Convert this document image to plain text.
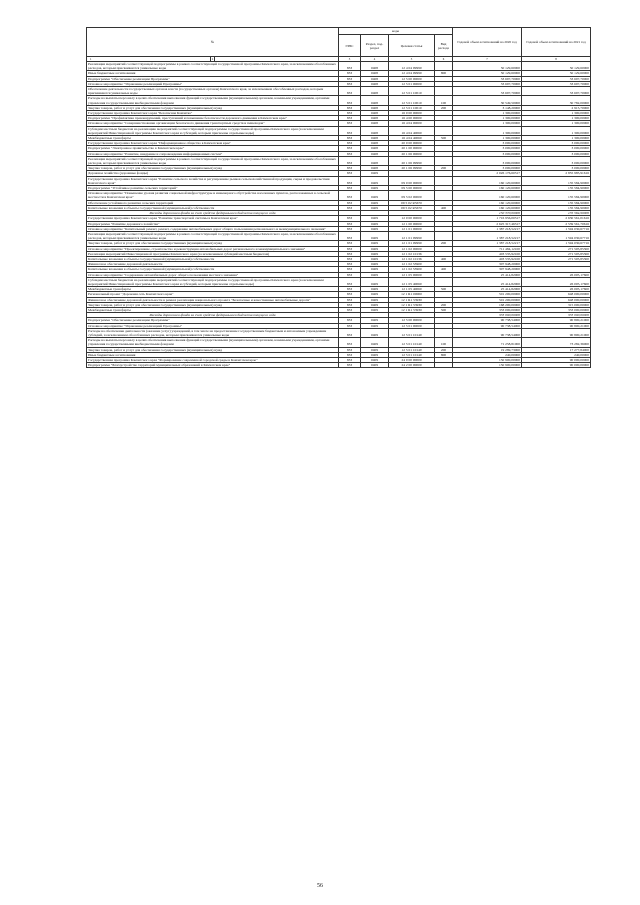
№	коды				Годовой объем ассигнований на 2020 год	Годовой объем ассигнований на 2021 год
	ГРБС	Раздел, под-раздел	Целевая статья	Вид расхода		

1 2	3	4	5	6	7	8
Реализация мероприятий соответствующей подпрограммы в рамках соответствующей государственной программы Камчатского края, за исключением обособленных расходов, которым присваиваются уникальные коды	833	0408	12 4 04 09990		50 129,60000	50 129,60000
Иные бюджетные ассигнования	833	0408	12 4 04 09990	800	50 129,60000	50 129,60000
Подпрограмма "Обеспечение реализации Программы"	833	0408	12 5 00 00000		33 697,70000	33 697,70000
Основное мероприятие "Управление реализацией Программы"	833	0408	12 5 01 00000		33 697,70000	33 697,70000
Обеспечение деятельности государственных органов власти (государственных органов) Камчатского края, за исключением обособленных расходов, которым присваиваются уникальные коды	833	0408	12 5 01 10010		33 697,70000	33 697,70000
Расходы на выплаты персоналу в целях обеспечения выполнения функций государственными (муниципальными) органами, казенными учреждениями, органами управления государственными внебюджетными фондами	833	0408	12 5 01 10010	100	30 549,50000	30 782,00000
Закупка товаров, работ и услуг для обеспечения государственных (муниципальных) нужд	833	0408	12 5 01 10010	200	3 148,20000	2 915,70000
Государственная программа Камчатского края "Безопасная Камчатка"	833	0408	16 0 00 00000		1 300,00000	1 300,00000
Подпрограмма "Профилактика правонарушений, преступлений и повышение безопасности дорожного движения в Камчатском крае"	833	0408	16 4 00 00000		1 300,00000	1 300,00000
Основное мероприятие "Совершенствование организации безопасного движения транспортных средств и пешеходов"	833	0408	16 4 04 00000		1 300,00000	1 300,00000
Субсидии местным бюджетам на реализацию мероприятий соответствующей подпрограммы государственной программы Камчатского края (за исключением мероприятий Инвестиционной программы Камчатского края и субсидий, которым присвоены отдельные коды)	833	0408	16 4 04 40060		1 300,00000	1 300,00000
Межбюджетные трансферты	833	0408	16 4 04 40060	500	1 300,00000	1 300,00000
Государственная программа Камчатского края "Информационное общество в Камчатском крае"	833	0408	20 0 00 00000		3 000,00000	3 000,00000
Подпрограмма "Электронное правительство в Камчатском крае"	833	0408	20 1 00 00000		3 000,00000	3 000,00000
Основное мероприятие "Развитие, внедрение и сопровождение информационных систем"	833	0408	20 1 06 00000		3 000,00000	3 000,00000
Реализация мероприятий соответствующей подпрограммы в рамках соответствующей государственной программы Камчатского края, за исключением обособленных расходов, которым присваиваются уникальные коды	833	0408	20 1 06 09990		3 000,00000	3 000,00000
Закупка товаров, работ и услуг для обеспечения государственных (муниципальных) нужд	833	0408	20 1 06 09990	200	3 000,00000	3 000,00000
Дорожное хозяйство (дорожные фонды)	833	0409			2 026 176,60317	2 855 985,91616
Государственная программа Камчатского края "Развитие сельского хозяйства и регулирование рынков сельскохозяйственной продукции, сырья и продовольствия Камчатского края"	833	0409	09 0 00 00000		160 120,60000	135 584,90000
Подпрограмма "Устойчивое развитие сельских территорий"	833	0409	09 5 00 00000		160 120,60000	135 584,90000
Основное мероприятие "Повышение уровня развития социальной инфраструктуры и инженерного обустройства населенных пунктов, расположенных в сельской местности в Камчатском крае"	833	0409	09 5 02 00000		160 120,60000	135 584,90000
Обеспечение устойчивого развития сельских территорий	833	0409	09 5 02 R5670		160 120,60000	135 584,90000
Капитальные вложения в объекты государственной (муниципальной) собственности	833	0409	09 5 02 R5670	400	160 120,60000	135 584,90000
Расходы дорожного фонда за счет средств федерального бюджета текущего года					150 370,00000	135 584,90000
Государственная программа Камчатского края "Развитие транспортной системы в Камчатском крае"	833	0409	12 0 00 00000		1 716 956,00317	2 630 561,01616
Подпрограмма "Развитие дорожного хозяйства"	833	0409	12 1 00 00000		2 625 317,46317	2 539 561,70616
Основное мероприятие "Капитальный ремонт, ремонт, содержание автомобильных дорог общего пользования регионального и межмуниципального значения"	833	0409	12 1 01 00000		1 387 218,52217	1 594 030,67716
Реализация мероприятий соответствующей подпрограммы в рамках соответствующей государственной программы Камчатского края, за исключением обособленных расходов, которым присваиваются уникальные коды	833	0409	12 1 01 09990		1 387 218,52217	1 594 030,67716
Закупка товаров, работ и услуг для обеспечения государственных (муниципальных) нужд	833	0409	12 1 01 09990	200	1 387 218,52217	1 594 030,67716
Основное мероприятие "Проектирование, строительство и реконструкция автомобильных дорог регионального и межмуниципального значения"	833	0409	12 1 02 00000		711 484,12100	271 505,85300
Реализация мероприятий Инвестиционной программы Камчатского края (за исключением субсидий местным бюджетам)	833	0409	12 1 02 10136		403 535,92100	271 505,85300
Капитальные вложения в объекты государственной (муниципальной) собственности	833	0409	12 1 02 10136	400	403 535,92100	271 505,85300
Финансовое обеспечение дорожной деятельности	833	0409	12 1 02 53900		307 948,20000	
Капитальные вложения в объекты государственной (муниципальной) собственности	833	0409	12 1 02 53900	400	307 948,20000	
Основное мероприятие "Содержание автомобильных дорог общего пользования местного значения"	833	0409	12 1 05 00000		25 414,82000	26 005,17600
Субсидии местным бюджетам на реализацию мероприятий соответствующей подпрограммы государственной программы Камчатского края (за исключением мероприятий Инвестиционной программы Камчатского края и субсидий, которым присвоены отдельные коды)	833	0409	12 1 05 40060		25 414,82000	26 005,17600
Межбюджетные трансферты	833	0409	12 1 05 40060	500	25 414,82000	26 005,17600
Региональный проект "Дорожная сеть Камчатского края"	833	0409	12 1 R1 00000		501 200,00000	648 000,00000
Финансовое обеспечение дорожной деятельности в рамках реализации национального проекта "Безопасные и качественные автомобильные дороги"	833	0409	12 1 R1 53930		501 200,00000	648 000,00000
Закупка товаров, работ и услуг для обеспечения государственных (муниципальных) нужд	833	0409	12 1 R1 53930	200	168 200,00000	315 000,00000
Межбюджетные трансферты	833	0409	12 1 R1 53930	500	333 000,00000	333 000,00000
Расходы дорожного фонда за счет средств федерального бюджета текущего года					333 000,00000	333 000,00000
Подпрограмма "Обеспечение реализации Программы"	833	0409	12 5 00 00000		90 738,54000	90 800,21000
Основное мероприятие "Управление реализацией Программы"	833	0409	12 5 01 00000		90 738,54000	90 800,21000
Расходы на обеспечение деятельности (оказание услуг) учреждений, в том числе на предоставление государственным бюджетным и автономным учреждениям субсидий, за исключением обособленных расходов, которым присваиваются уникальные коды	833	0409	12 5 01 10140		90 738,54000	90 800,21000
Расходы на выплаты персоналу в целях обеспечения выполнения функций государственными (муниципальными) органами, казенными учреждениями, органами управления государственными внебюджетными фондами	833	0409	12 5 01 10140	100	71 258,81000	73 282,36000
Закупка товаров, работ и услуг для обеспечения государственных (муниципальных) нужд	833	0409	12 5 01 10140	200	19 289,73000	17 277,84000
Иные бюджетные ассигнования	833	0409	12 5 01 10140	800	240,00000	240,00000
Государственная программа Камчатского края "Формирование современной городской среды в Камчатском крае"	833	0409	24 0 00 00000		150 900,00000	90 000,00000
Подпрограмма "Благоустройство территорий муниципальных образований в Камчатском крае"	833	0409	24 2 00 00000		150 900,00000	90 000,00000
56
